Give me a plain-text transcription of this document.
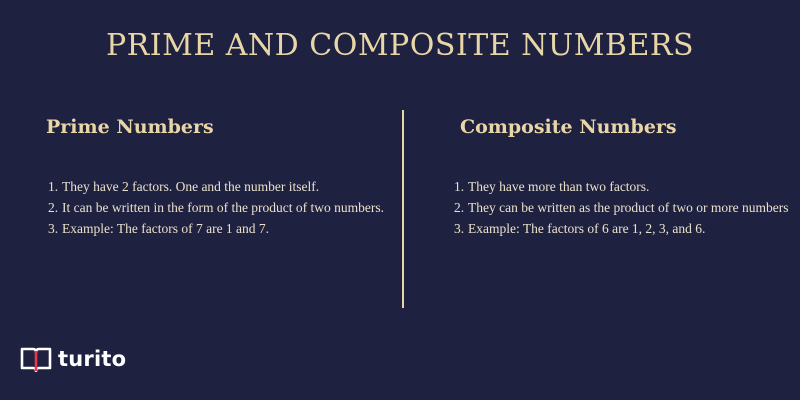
PRIME AND COMPOSITE NUMBERS
Prime Numbers
1. They have 2 factors. One and the number itself.
2. It can be written in the form of the product of two numbers.
3. Example: The factors of 7 are 1 and 7.
Composite Numbers
1. They have more than two factors.
2. They can be written as the product of two or more numbers
3. Example: The factors of 6 are 1, 2, 3, and 6.
turito
